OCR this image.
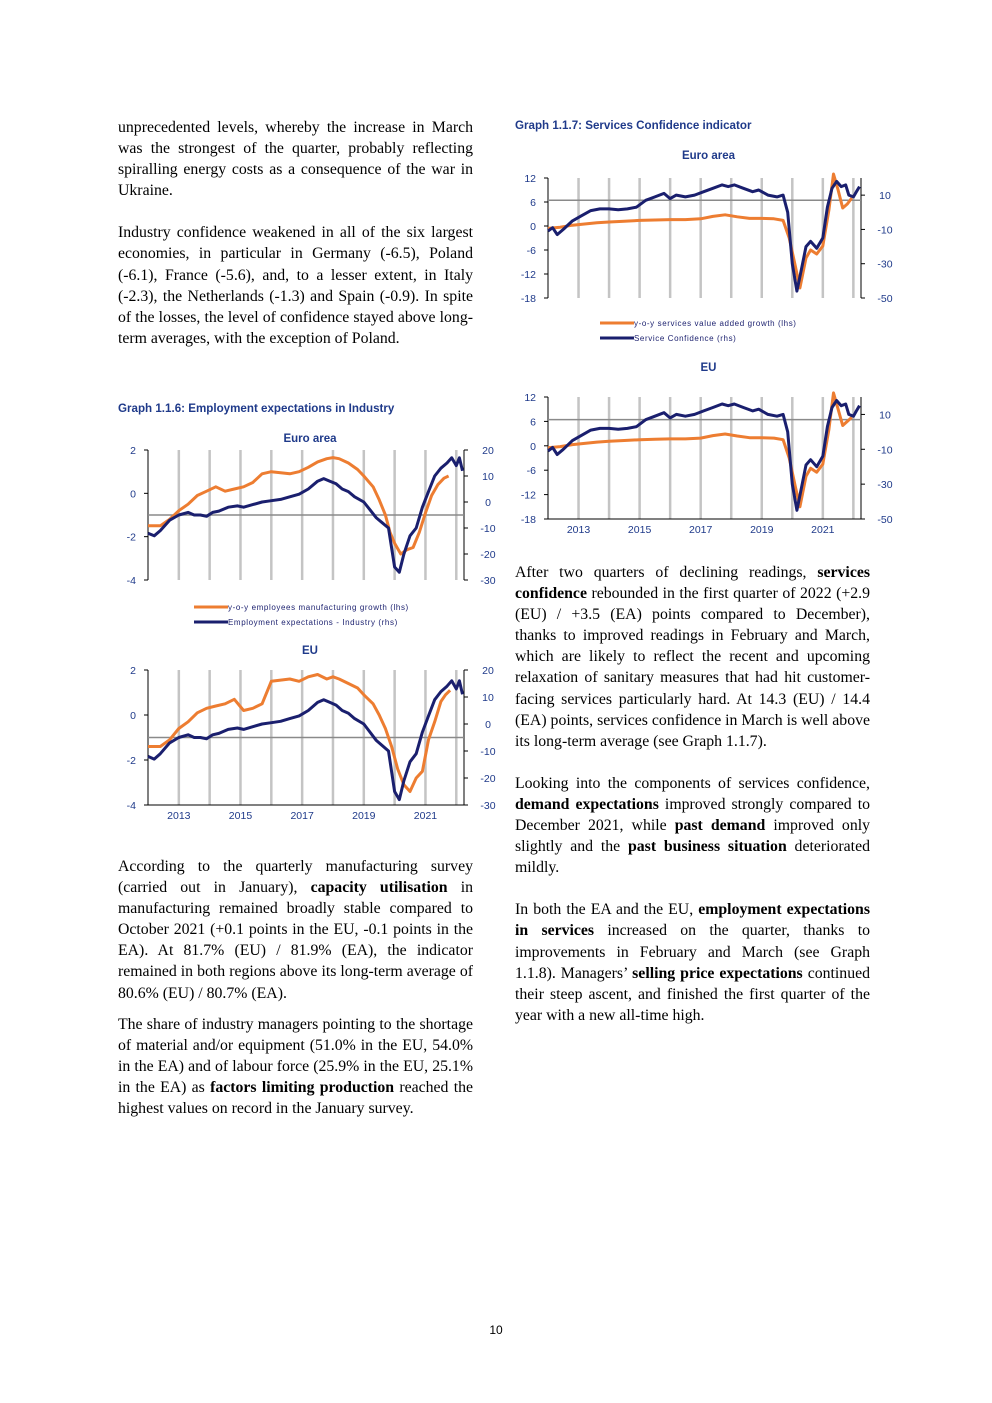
unprecedented levels, whereby the increase in March was the strongest of the quarter, probably reflecting spiralling energy costs as a consequence of the war in Ukraine.

Industry confidence weakened in all of the six largest economies, in particular in Germany (-6.5), Poland (-6.1), France (-5.6), and, to a lesser extent, in Italy (-2.3), the Netherlands (-1.3) and Spain (-0.9). In spite of the losses, the level of confidence stayed above long-term averages, with the exception of Poland.

Graph 1.1.6: Employment expectations in Industry
Euro area
2
0
-2
-4
20
10
0
-10
-20
-30
y-o-y employees manufacturing growth (lhs)
Employment expectations - Industry (rhs)
EU
2
0
-2
-4
20
10
0
-10
-20
-30
2013	2015	2017	2019	2021

According to the quarterly manufacturing survey (carried out in January), capacity utilisation in manufacturing remained broadly stable compared to October 2021 (+0.1 points in the EU, -0.1 points in the EA). At 81.7% (EU) / 81.9% (EA), the indicator remained in both regions above its long-term average of 80.6% (EU) / 80.7% (EA).

The share of industry managers pointing to the shortage of material and/or equipment (51.0% in the EU, 54.0% in the EA) and of labour force (25.9% in the EU, 25.1% in the EA) as factors limiting production reached the highest values on record in the January survey.

Graph 1.1.7: Services Confidence indicator
Euro area
12
6
0
-6
-12
-18
10
-10
-30
-50
y-o-y services value added growth (lhs)
Service Confidence (rhs)
EU
12
6
0
-6
-12
-18
10
-10
-30
-50
2013	2015	2017	2019	2021

After two quarters of declining readings, services confidence rebounded in the first quarter of 2022 (+2.9 (EU) / +3.5 (EA) points compared to December), thanks to improved readings in February and March, which are likely to reflect the recent and upcoming relaxation of sanitary measures that had hit customer-facing services particularly hard. At 14.3 (EU) / 14.4 (EA) points, services confidence in March is well above its long-term average (see Graph 1.1.7).

Looking into the components of services confidence, demand expectations improved strongly compared to December 2021, while past demand improved only slightly and the past business situation deteriorated mildly.

In both the EA and the EU, employment expectations in services increased on the quarter, thanks to improvements in February and March (see Graph 1.1.8). Managers’ selling price expectations continued their steep ascent, and finished the first quarter of the year with a new all-time high.

10
